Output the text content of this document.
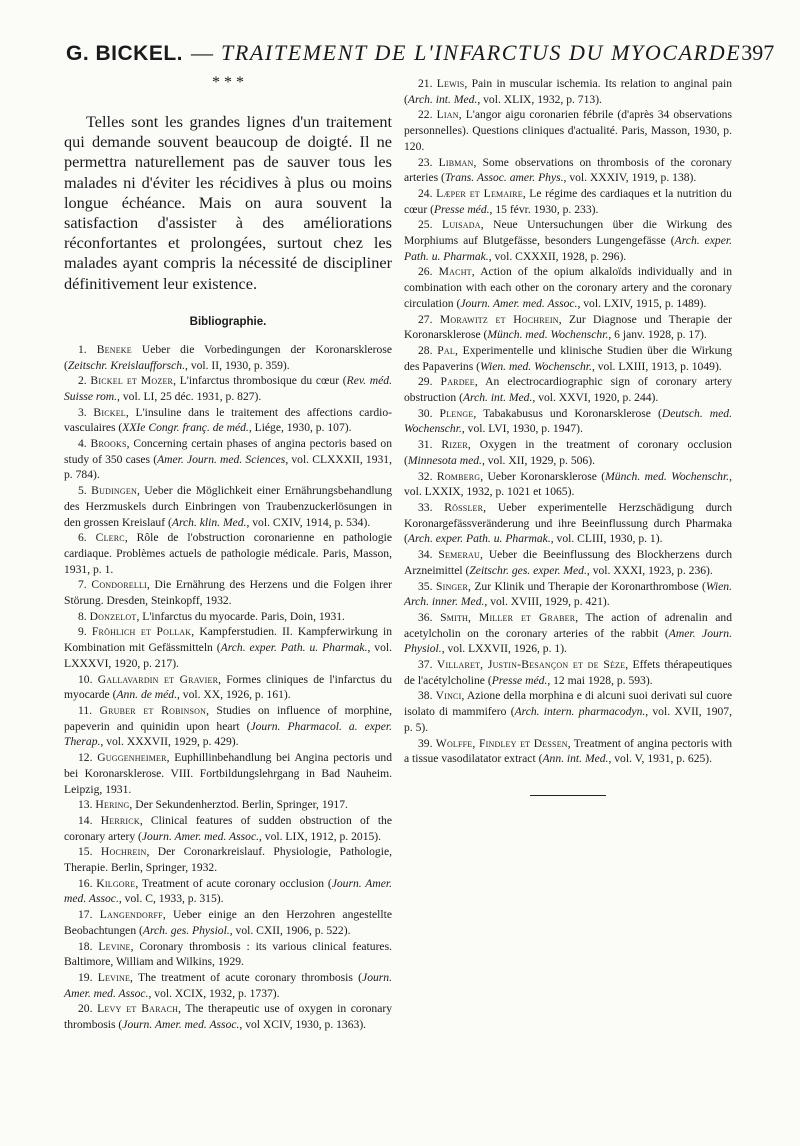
G. BICKEL. — TRAITEMENT DE L'INFARCTUS DU MYOCARDE 397
* * *

Telles sont les grandes lignes d'un traitement qui demande souvent beaucoup de doigté. Il ne permettra naturellement pas de sauver tous les malades ni d'éviter les récidives à plus ou moins longue échéance. Mais on aura souvent la satisfaction d'assister à des améliorations réconfortantes et prolongées, surtout chez les malades ayant compris la nécessité de discipliner définitivement leur existence.

Bibliographie.

1. Beneke Ueber die Vorbedingungen der Koronarsklerose (Zeitschr. Kreislaufforsch., vol. II, 1930, p. 359).

2. Bickel et Mozer, L'infarctus thrombosique du cœur (Rev. méd. Suisse rom., vol. LI, 25 déc. 1931, p. 827).

3. Bickel, L'insuline dans le traitement des affections cardio-vasculaires (XXIe Congr. franç. de méd., Liége, 1930, p. 107).

4. Brooks, Concerning certain phases of angina pectoris based on study of 350 cases (Amer. Journ. med. Sciences, vol. CLXXXII, 1931, p. 784).

5. Budingen, Ueber die Möglichkeit einer Ernährungsbehandlung des Herzmuskels durch Einbringen von Traubenzuckerlösungen in den grossen Kreislauf (Arch. klin. Med., vol. CXIV, 1914, p. 534).

6. Clerc, Rôle de l'obstruction coronarienne en pathologie cardiaque. Problèmes actuels de pathologie médicale. Paris, Masson, 1931, p. 1.

7. Condorelli, Die Ernährung des Herzens und die Folgen ihrer Störung. Dresden, Steinkopff, 1932.

8. Donzelot, L'infarctus du myocarde. Paris, Doin, 1931.

9. Fröhlich et Pollak, Kampferstudien. II. Kampferwirkung in Kombination mit Gefässmitteln (Arch. exper. Path. u. Pharmak., vol. LXXXVI, 1920, p. 217).

10. Gallavardin et Gravier, Formes cliniques de l'infarctus du myocarde (Ann. de méd., vol. XX, 1926, p. 161).

11. Gruber et Robinson, Studies on influence of morphine, papeverin and quinidin upon heart (Journ. Pharmacol. a. exper. Therap., vol. XXXVII, 1929, p. 429).

12. Guggenheimer, Euphillinbehandlung bei Angina pectoris und bei Koronarsklerose. VIII. Fortbildungslehrgang in Bad Nauheim. Leipzig, 1931.

13. Hering, Der Sekundenherztod. Berlin, Springer, 1917.

14. Herrick, Clinical features of sudden obstruction of the coronary artery (Journ. Amer. med. Assoc., vol. LIX, 1912, p. 2015).

15. Hochrein, Der Coronarkreislauf. Physiologie, Pathologie, Therapie. Berlin, Springer, 1932.

16. Kilgore, Treatment of acute coronary occlusion (Journ. Amer. med. Assoc., vol. C, 1933, p. 315).

17. Langendorff, Ueber einige an den Herzohren angestellte Beobachtungen (Arch. ges. Physiol., vol. CXII, 1906, p. 522).

18. Levine, Coronary thrombosis : its various clinical features. Baltimore, William and Wilkins, 1929.

19. Levine, The treatment of acute coronary thrombosis (Journ. Amer. med. Assoc., vol. XCIX, 1932, p. 1737).

20. Levy et Barach, The therapeutic use of oxygen in coronary thrombosis (Journ. Amer. med. Assoc., vol XCIV, 1930, p. 1363).

21. Lewis, Pain in muscular ischemia. Its relation to anginal pain (Arch. int. Med., vol. XLIX, 1932, p. 713).

22. Lian, L'angor aigu coronarien fébrile (d'après 34 observations personnelles). Questions cliniques d'actualité. Paris, Masson, 1930, p. 120.

23. Libman, Some observations on thrombosis of the coronary arteries (Trans. Assoc. amer. Phys., vol. XXXIV, 1919, p. 138).

24. Læper et Lemaire, Le régime des cardiaques et la nutrition du cœur (Presse méd., 15 févr. 1930, p. 233).

25. Luisada, Neue Untersuchungen über die Wirkung des Morphiums auf Blutgefässe, besonders Lungengefässe (Arch. exper. Path. u. Pharmak., vol. CXXXII, 1928, p. 296).

26. Macht, Action of the opium alkaloïds individually and in combination with each other on the coronary artery and the coronary circulation (Journ. Amer. med. Assoc., vol. LXIV, 1915, p. 1489).

27. Morawitz et Hochrein, Zur Diagnose und Therapie der Koronarsklerose (Münch. med. Wochenschr., 6 janv. 1928, p. 17).

28. Pal, Experimentelle und klinische Studien über die Wirkung des Papaverins (Wien. med. Wochenschr., vol. LXIII, 1913, p. 1049).

29. Pardee, An electrocardiographic sign of coronary artery obstruction (Arch. int. Med., vol. XXVI, 1920, p. 244).

30. Plenge, Tabakabusus und Koronarsklerose (Deutsch. med. Wochenschr., vol. LVI, 1930, p. 1947).

31. Rizer, Oxygen in the treatment of coronary occlusion (Minnesota med., vol. XII, 1929, p. 506).

32. Romberg, Ueber Koronarsklerose (Münch. med. Wochenschr., vol. LXXIX, 1932, p. 1021 et 1065).

33. Rössler, Ueber experimentelle Herzschädigung durch Koronargefässveränderung und ihre Beeinflussung durch Pharmaka (Arch. exper. Path. u. Pharmak., vol. CLIII, 1930, p. 1).

34. Semerau, Ueber die Beeinflussung des Blockherzens durch Arzneimittel (Zeitschr. ges. exper. Med., vol. XXXI, 1923, p. 236).

35. Singer, Zur Klinik und Therapie der Koronarthrombose (Wien. Arch. inner. Med., vol. XVIII, 1929, p. 421).

36. Smith, Miller et Graber, The action of adrenalin and acetylcholin on the coronary arteries of the rabbit (Amer. Journ. Physiol., vol. LXXVII, 1926, p. 1).

37. Villaret, Justin-Besançon et de Sèze, Effets thérapeutiques de l'acétylcholine (Presse méd., 12 mai 1928, p. 593).

38. Vinci, Azione della morphina e di alcuni suoi derivati sul cuore isolato di mammifero (Arch. intern. pharmacodyn., vol. XVII, 1907, p. 5).

39. Wolffe, Findley et Dessen, Treatment of angina pectoris with a tissue vasodilatator extract (Ann. int. Med., vol. V, 1931, p. 625).
